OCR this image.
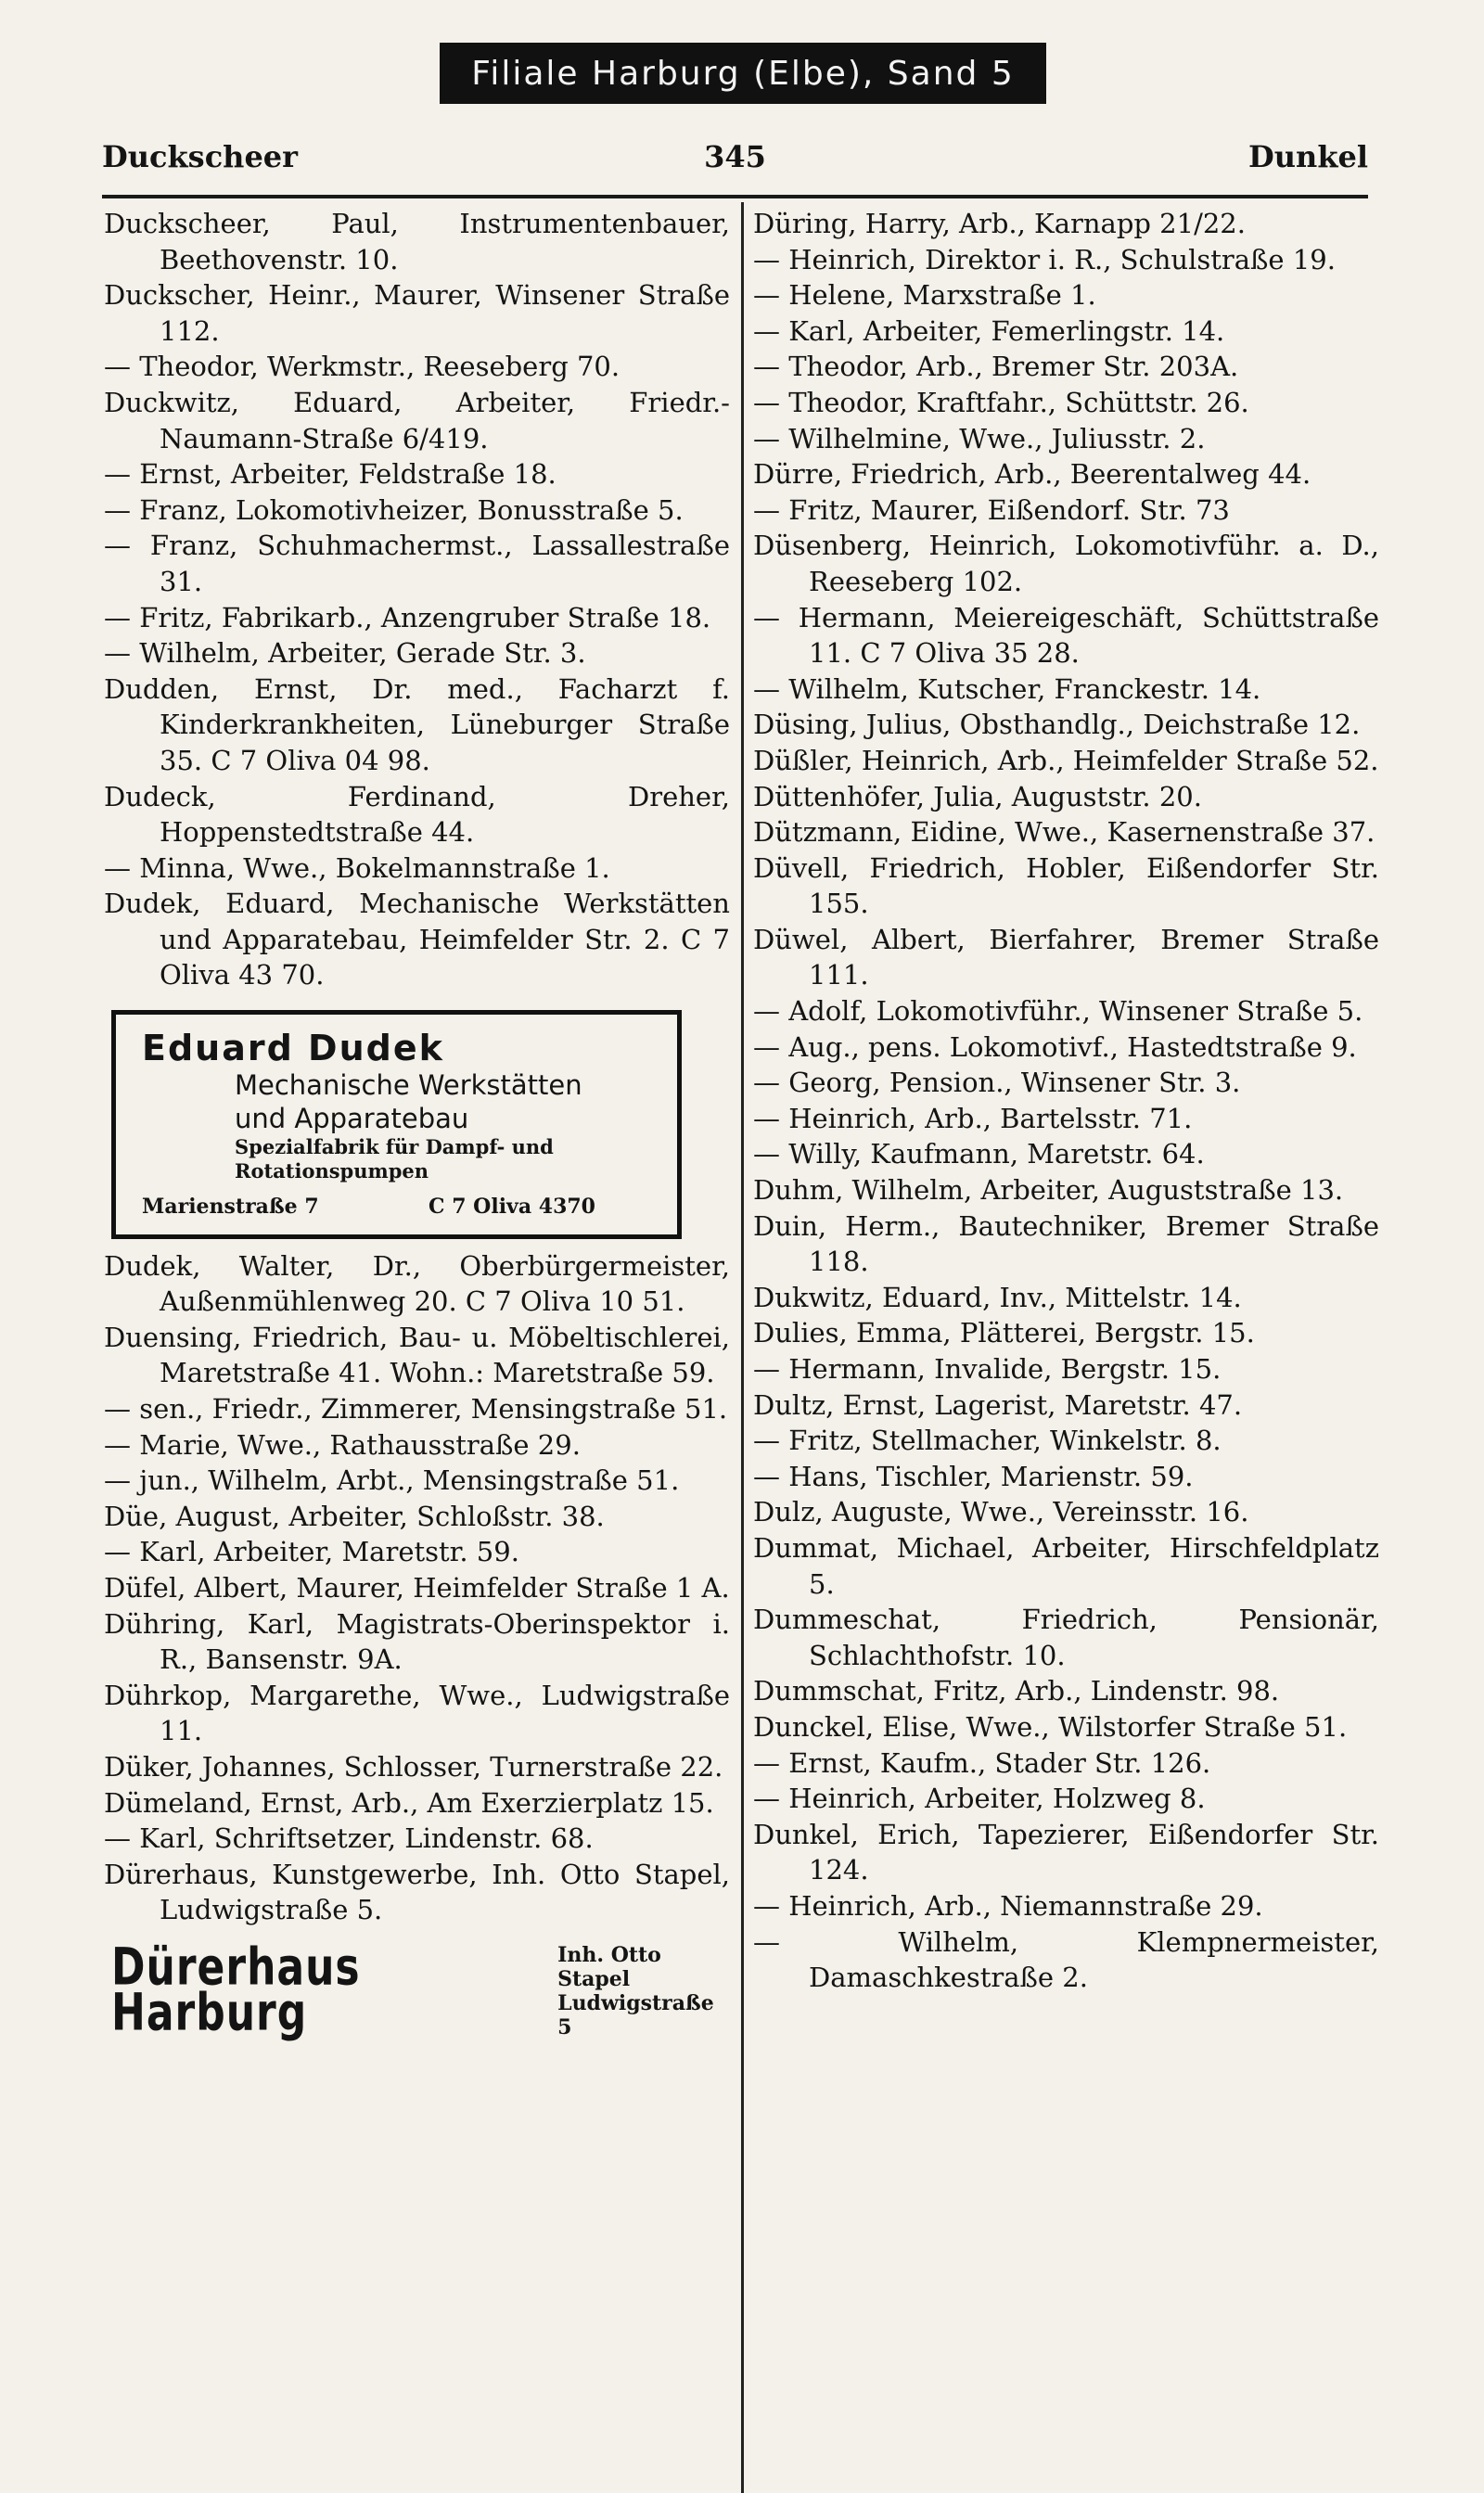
Filiale Harburg (Elbe), Sand 5
Duckscheer	345	Dunkel

Duckscheer, Paul, Instrumentenbauer, Beethovenstr. 10.

Duckscher, Heinr., Maurer, Winsener Straße 112.

— Theodor, Werkmstr., Reeseberg 70.

Duckwitz, Eduard, Arbeiter, Friedr.-Naumann-Straße 6/419.

— Ernst, Arbeiter, Feldstraße 18.

— Franz, Lokomotivheizer, Bonusstraße 5.

— Franz, Schuhmachermst., Lassallestraße 31.

— Fritz, Fabrikarb., Anzengruber Straße 18.

— Wilhelm, Arbeiter, Gerade Str. 3.

Dudden, Ernst, Dr. med., Facharzt f. Kinderkrankheiten, Lüneburger Straße 35. C 7 Oliva 04 98.

Dudeck, Ferdinand, Dreher, Hoppenstedtstraße 44.

— Minna, Wwe., Bokelmannstraße 1.

Dudek, Eduard, Mechanische Werkstätten und Apparatebau, Heimfelder Str. 2. C 7 Oliva 43 70.

Eduard Dudek
Mechanische Werkstätten
und Apparatebau
Spezialfabrik für Dampf- und
Rotationspumpen
Marienstraße 7	C 7 Oliva 4370

Dudek, Walter, Dr., Oberbürgermeister, Außenmühlenweg 20. C 7 Oliva 10 51.

Duensing, Friedrich, Bau- u. Möbeltischlerei, Maretstraße 41. Wohn.: Maretstraße 59.

— sen., Friedr., Zimmerer, Mensingstraße 51.

— Marie, Wwe., Rathausstraße 29.

— jun., Wilhelm, Arbt., Mensingstraße 51.

Düe, August, Arbeiter, Schloßstr. 38.

— Karl, Arbeiter, Maretstr. 59.

Düfel, Albert, Maurer, Heimfelder Straße 1 A.

Dühring, Karl, Magistrats-Oberinspektor i. R., Bansenstr. 9A.

Dührkop, Margarethe, Wwe., Ludwigstraße 11.

Düker, Johannes, Schlosser, Turnerstraße 22.

Dümeland, Ernst, Arb., Am Exerzierplatz 15.

— Karl, Schriftsetzer, Lindenstr. 68.

Dürerhaus, Kunstgewerbe, Inh. Otto Stapel, Ludwigstraße 5.

Dürerhaus Harburg
Inh. Otto Stapel
Ludwigstraße 5

Düring, Harry, Arb., Karnapp 21/22.

— Heinrich, Direktor i. R., Schulstraße 19.

— Helene, Marxstraße 1.

— Karl, Arbeiter, Femerlingstr. 14.

— Theodor, Arb., Bremer Str. 203A.

— Theodor, Kraftfahr., Schüttstr. 26.

— Wilhelmine, Wwe., Juliusstr. 2.

Dürre, Friedrich, Arb., Beerentalweg 44.

— Fritz, Maurer, Eißendorf. Str. 73

Düsenberg, Heinrich, Lokomotivführ. a. D., Reeseberg 102.

— Hermann, Meiereigeschäft, Schüttstraße 11. C 7 Oliva 35 28.

— Wilhelm, Kutscher, Franckestr. 14.

Düsing, Julius, Obsthandlg., Deichstraße 12.

Düßler, Heinrich, Arb., Heimfelder Straße 52.

Düttenhöfer, Julia, Auguststr. 20.

Dützmann, Eidine, Wwe., Kasernenstraße 37.

Düvell, Friedrich, Hobler, Eißendorfer Str. 155.

Düwel, Albert, Bierfahrer, Bremer Straße 111.

— Adolf, Lokomotivführ., Winsener Straße 5.

— Aug., pens. Lokomotivf., Hastedtstraße 9.

— Georg, Pension., Winsener Str. 3.

— Heinrich, Arb., Bartelsstr. 71.

— Willy, Kaufmann, Maretstr. 64.

Duhm, Wilhelm, Arbeiter, Auguststraße 13.

Duin, Herm., Bautechniker, Bremer Straße 118.

Dukwitz, Eduard, Inv., Mittelstr. 14.

Dulies, Emma, Plätterei, Bergstr. 15.

— Hermann, Invalide, Bergstr. 15.

Dultz, Ernst, Lagerist, Maretstr. 47.

— Fritz, Stellmacher, Winkelstr. 8.

— Hans, Tischler, Marienstr. 59.

Dulz, Auguste, Wwe., Vereinsstr. 16.

Dummat, Michael, Arbeiter, Hirschfeldplatz 5.

Dummeschat, Friedrich, Pensionär, Schlachthofstr. 10.

Dummschat, Fritz, Arb., Lindenstr. 98.

Dunckel, Elise, Wwe., Wilstorfer Straße 51.

— Ernst, Kaufm., Stader Str. 126.

— Heinrich, Arbeiter, Holzweg 8.

Dunkel, Erich, Tapezierer, Eißendorfer Str. 124.

— Heinrich, Arb., Niemannstraße 29.

— Wilhelm, Klempnermeister, Damaschkestraße 2.
